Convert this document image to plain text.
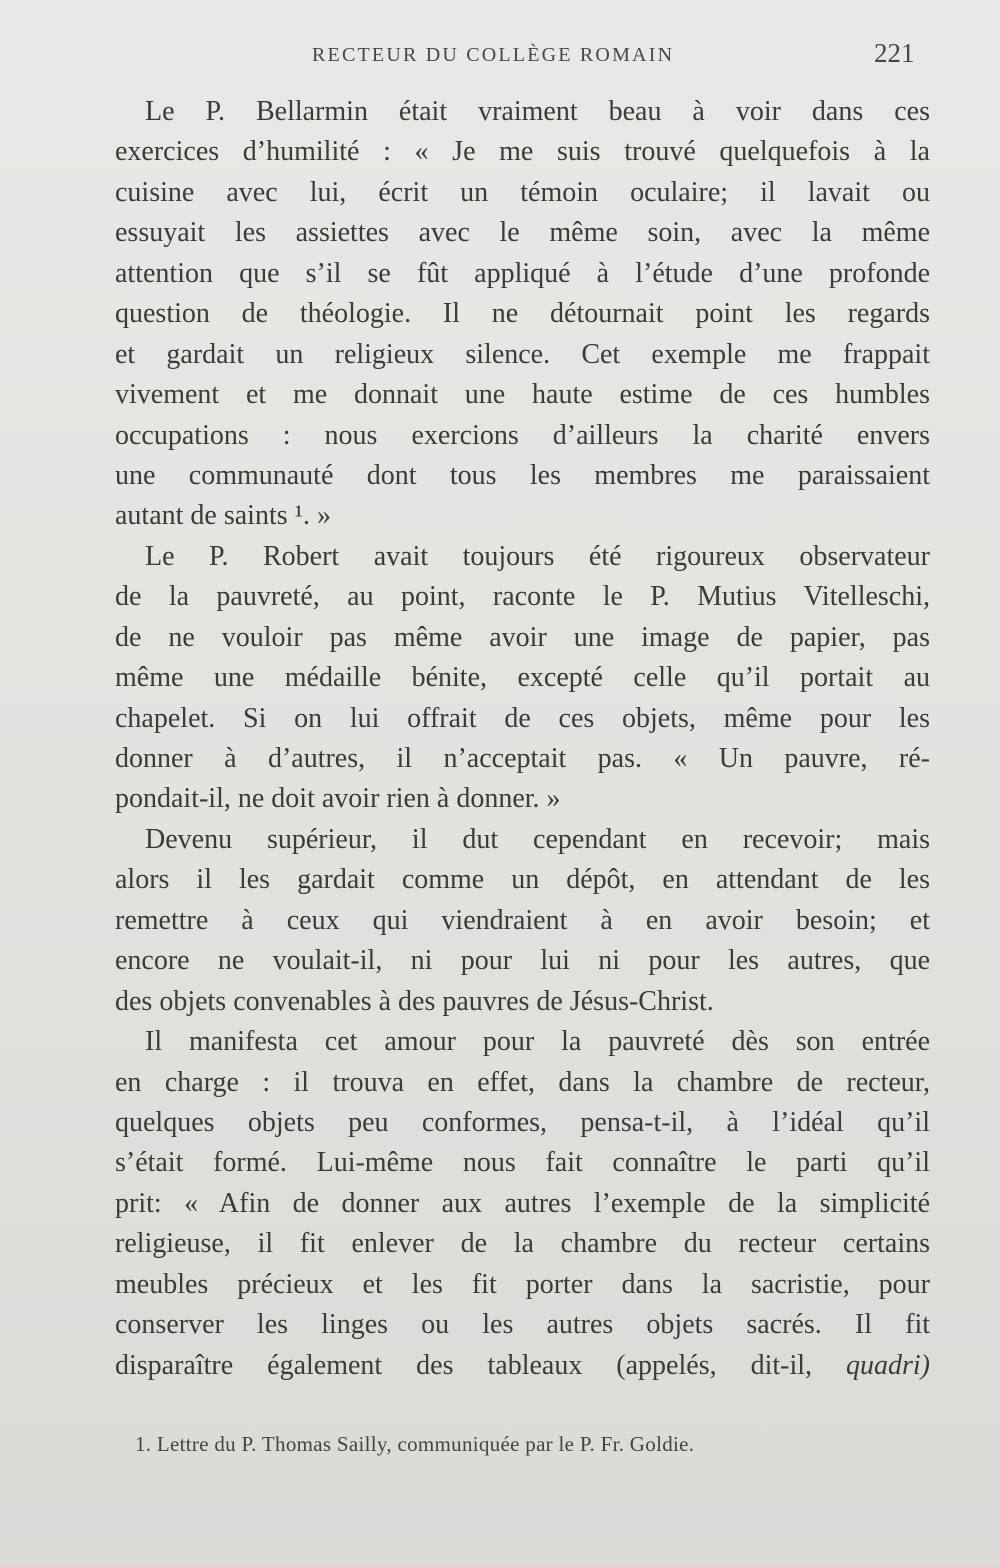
RECTEUR DU COLLÈGE ROMAIN	221
Le P. Bellarmin était vraiment beau à voir dans ces
exercices d’humilité : « Je me suis trouvé quelquefois à la
cuisine avec lui, écrit un témoin oculaire; il lavait ou
essuyait les assiettes avec le même soin, avec la même
attention que s’il se fût appliqué à l’étude d’une profonde
question de théologie. Il ne détournait point les regards
et gardait un religieux silence. Cet exemple me frappait
vivement et me donnait une haute estime de ces humbles
occupations : nous exercions d’ailleurs la charité envers
une communauté dont tous les membres me paraissaient
autant de saints ¹. »
Le P. Robert avait toujours été rigoureux observateur
de la pauvreté, au point, raconte le P. Mutius Vitelleschi,
de ne vouloir pas même avoir une image de papier, pas
même une médaille bénite, excepté celle qu’il portait au
chapelet. Si on lui offrait de ces objets, même pour les
donner à d’autres, il n’acceptait pas. « Un pauvre, ré-
pondait-il, ne doit avoir rien à donner. »
Devenu supérieur, il dut cependant en recevoir; mais
alors il les gardait comme un dépôt, en attendant de les
remettre à ceux qui viendraient à en avoir besoin; et
encore ne voulait-il, ni pour lui ni pour les autres, que
des objets convenables à des pauvres de Jésus-Christ.
Il manifesta cet amour pour la pauvreté dès son entrée
en charge : il trouva en effet, dans la chambre de recteur,
quelques objets peu conformes, pensa-t-il, à l’idéal qu’il
s’était formé. Lui-même nous fait connaître le parti qu’il
prit: « Afin de donner aux autres l’exemple de la simplicité
religieuse, il fit enlever de la chambre du recteur certains
meubles précieux et les fit porter dans la sacristie, pour
conserver les linges ou les autres objets sacrés. Il fit
disparaître également des tableaux (appelés, dit-il, quadri)
1. Lettre du P. Thomas Sailly, communiquée par le P. Fr. Goldie.
